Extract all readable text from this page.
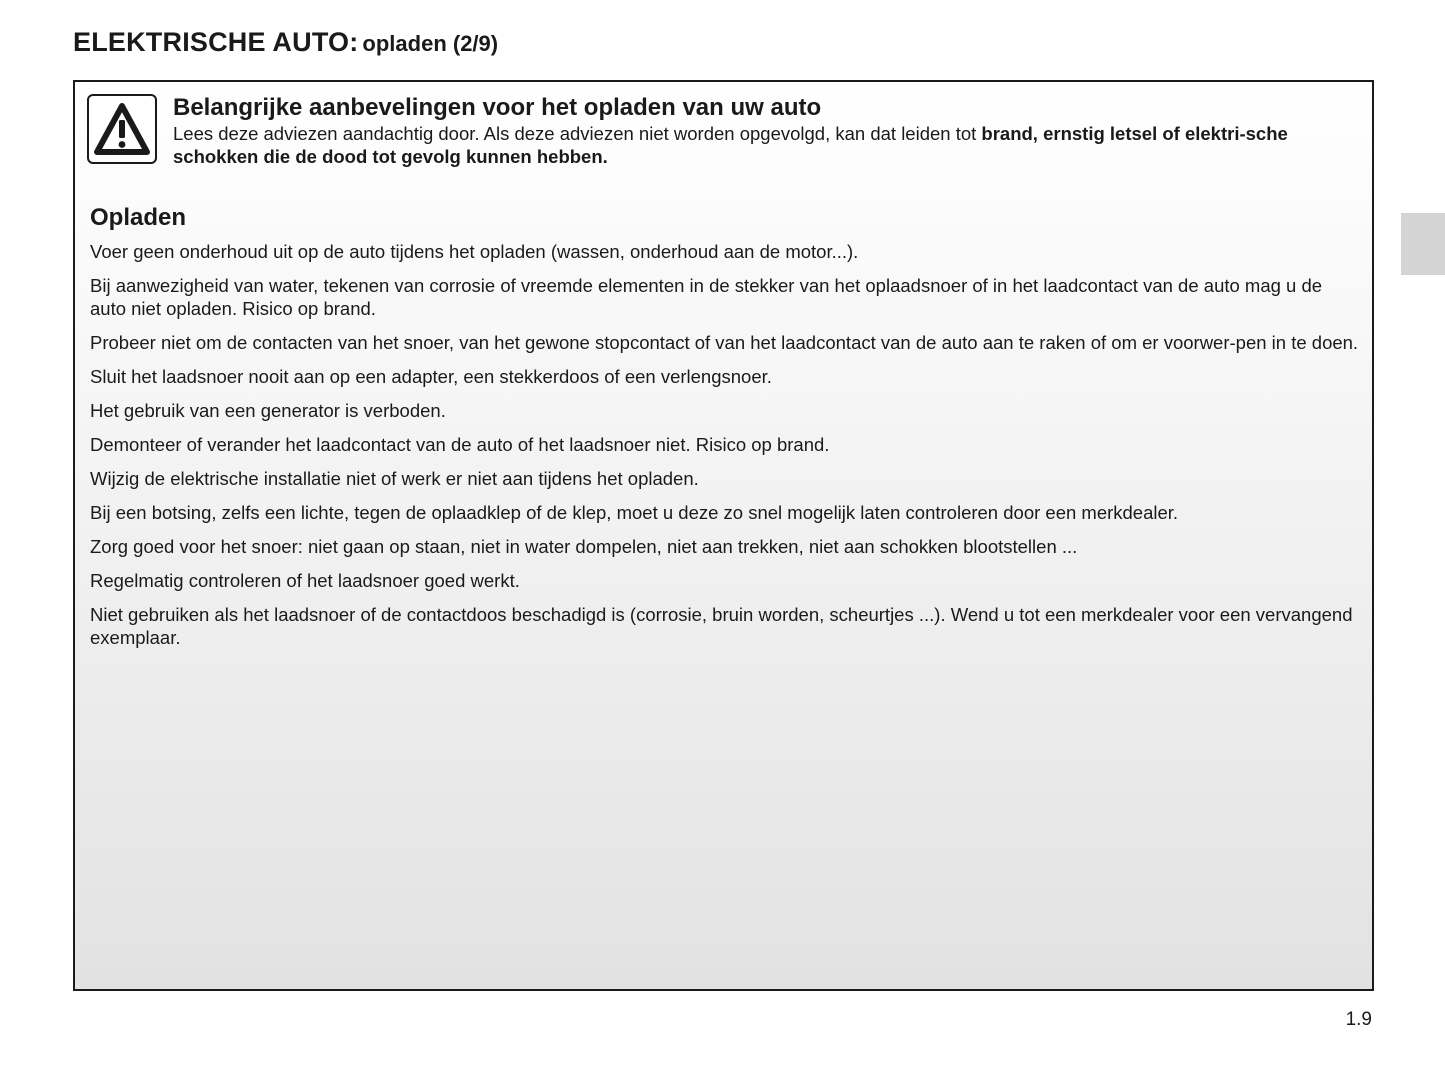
ELEKTRISCHE AUTO: opladen (2/9)

Belangrijke aanbevelingen voor het opladen van uw auto

Lees deze adviezen aandachtig door. Als deze adviezen niet worden opgevolgd, kan dat leiden tot brand, ernstig letsel of elektri-sche schokken die de dood tot gevolg kunnen hebben.

Opladen

Voer geen onderhoud uit op de auto tijdens het opladen (wassen, onderhoud aan de motor...).

Bij aanwezigheid van water, tekenen van corrosie of vreemde elementen in de stekker van het oplaadsnoer of in het laadcontact van de auto mag u de auto niet opladen. Risico op brand.

Probeer niet om de contacten van het snoer, van het gewone stopcontact of van het laadcontact van de auto aan te raken of om er voorwer-pen in te doen.

Sluit het laadsnoer nooit aan op een adapter, een stekkerdoos of een verlengsnoer.

Het gebruik van een generator is verboden.

Demonteer of verander het laadcontact van de auto of het laadsnoer niet. Risico op brand.

Wijzig de elektrische installatie niet of werk er niet aan tijdens het opladen.

Bij een botsing, zelfs een lichte, tegen de oplaadklep of de klep, moet u deze zo snel mogelijk laten controleren door een merkdealer.

Zorg goed voor het snoer: niet gaan op staan, niet in water dompelen, niet aan trekken, niet aan schokken blootstellen ...

Regelmatig controleren of het laadsnoer goed werkt.

Niet gebruiken als het laadsnoer of de contactdoos beschadigd is (corrosie, bruin worden, scheurtjes ...). Wend u tot een merkdealer voor een vervangend exemplaar.

1.9
